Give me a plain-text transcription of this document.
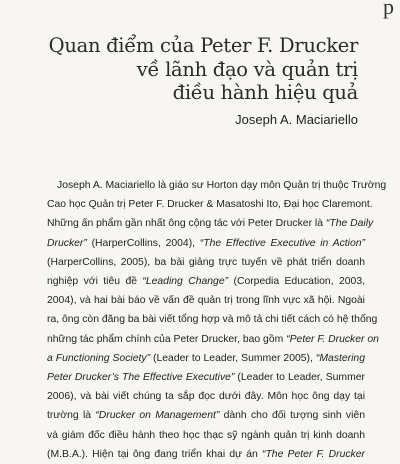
p
Quan điểm của Peter F. Drucker
về lãnh đạo và quản trị
điều hành hiệu quả
Joseph A. Maciariello
Joseph A. Maciariello là giáo sư Horton dạy môn Quản trị thuộc Trường
Cao học Quản trị Peter F. Drucker & Masatoshi Ito, Đại học Claremont.
Những ấn phẩm gần nhất ông cộng tác với Peter Drucker là “The Daily
Drucker” (HarperCollins, 2004), “The Effective Executive in Action”
(HarperCollins, 2005), ba bài giảng trực tuyến về phát triển doanh
nghiệp với tiêu đề “Leading Change” (Corpedia Education, 2003,
2004), và hai bài báo về vấn đề quản trị trong lĩnh vực xã hội. Ngoài
ra, ông còn đăng ba bài viết tổng hợp và mô tả chi tiết cách có hệ thống
những tác phẩm chính của Peter Drucker, bao gồm “Peter F. Drucker on
a Functioning Society” (Leader to Leader, Summer 2005), “Mastering
Peter Drucker’s The Effective Executive” (Leader to Leader, Summer
2006), và bài viết chúng ta sắp đọc dưới đây. Môn học ông dạy tại
trường là “Drucker on Management” dành cho đối tượng sinh viên
và giám đốc điều hành theo học thạc sỹ ngành quản trị kinh doanh
(M.B.A.). Hiện tại ông đang triển khai dự án “The Peter F. Drucker
